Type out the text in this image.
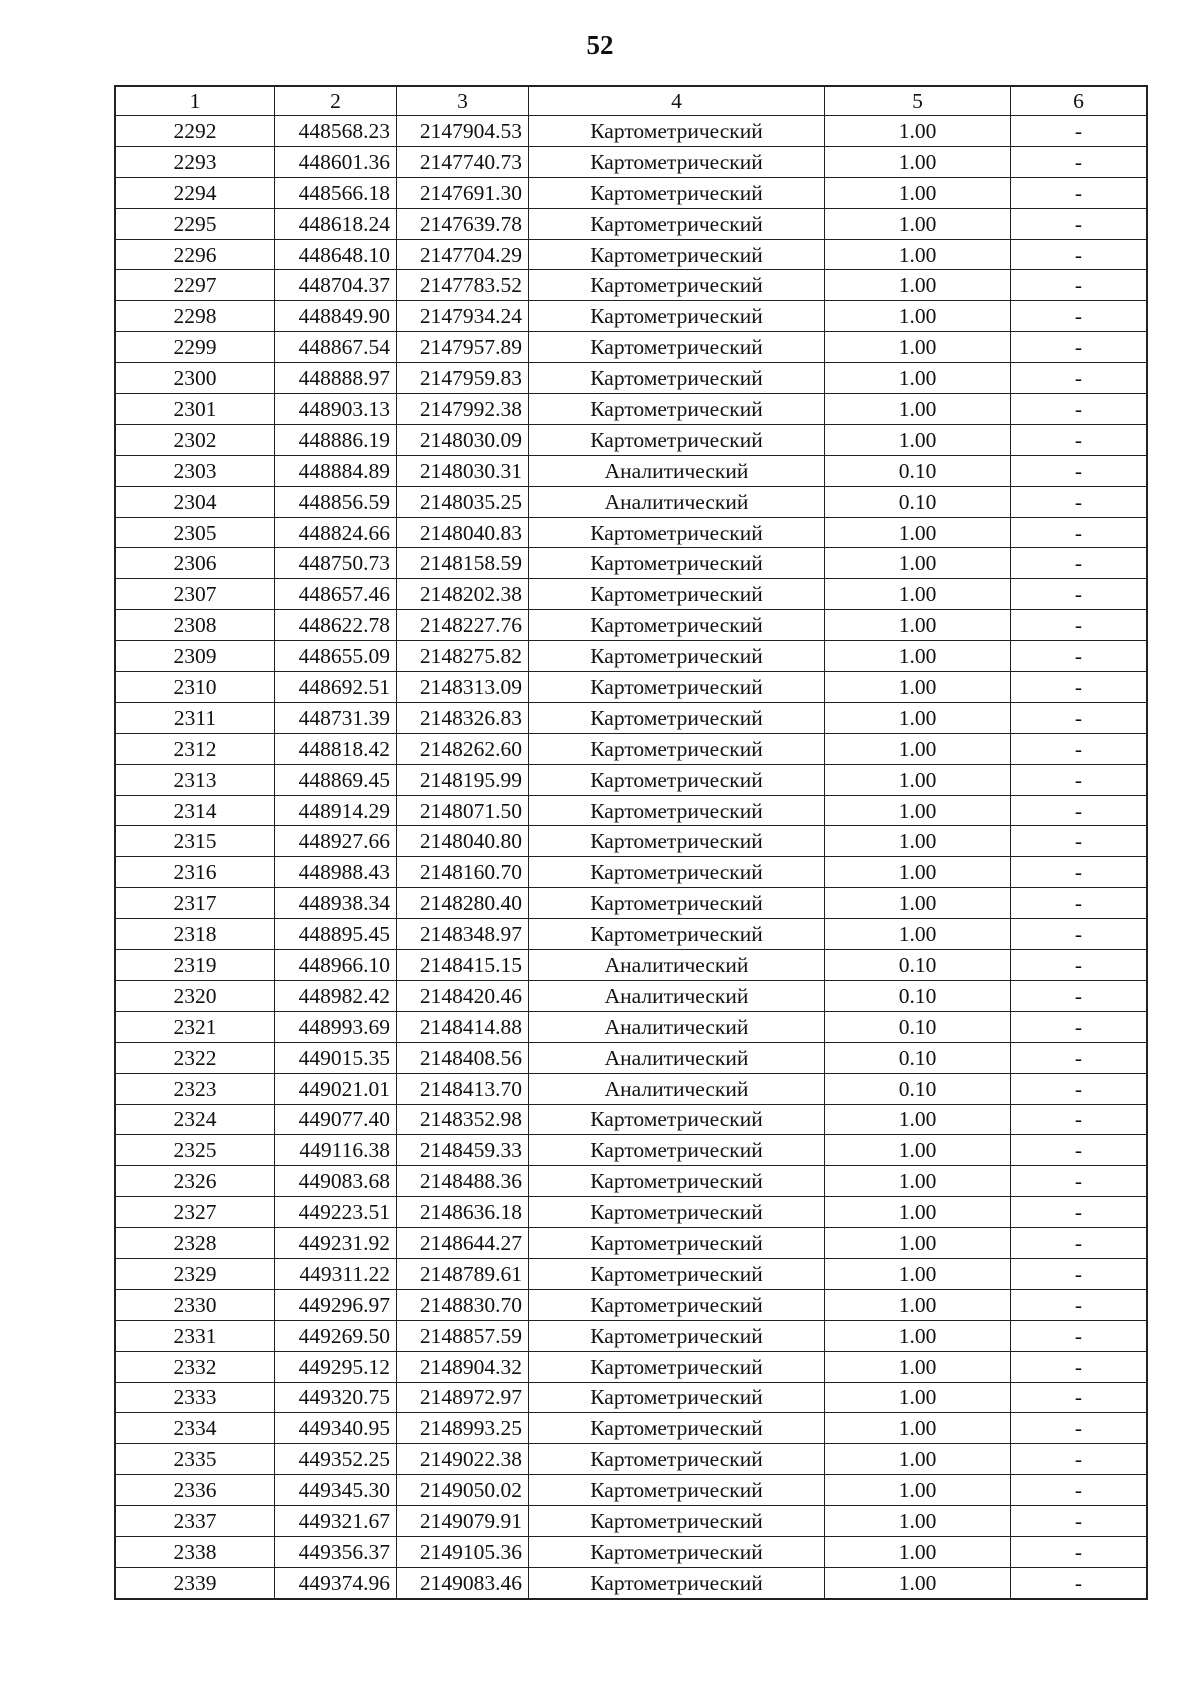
52
1	2	3	4	5	6
2292	448568.23	2147904.53	Картометрический	1.00	-
2293	448601.36	2147740.73	Картометрический	1.00	-
2294	448566.18	2147691.30	Картометрический	1.00	-
2295	448618.24	2147639.78	Картометрический	1.00	-
2296	448648.10	2147704.29	Картометрический	1.00	-
2297	448704.37	2147783.52	Картометрический	1.00	-
2298	448849.90	2147934.24	Картометрический	1.00	-
2299	448867.54	2147957.89	Картометрический	1.00	-
2300	448888.97	2147959.83	Картометрический	1.00	-
2301	448903.13	2147992.38	Картометрический	1.00	-
2302	448886.19	2148030.09	Картометрический	1.00	-
2303	448884.89	2148030.31	Аналитический	0.10	-
2304	448856.59	2148035.25	Аналитический	0.10	-
2305	448824.66	2148040.83	Картометрический	1.00	-
2306	448750.73	2148158.59	Картометрический	1.00	-
2307	448657.46	2148202.38	Картометрический	1.00	-
2308	448622.78	2148227.76	Картометрический	1.00	-
2309	448655.09	2148275.82	Картометрический	1.00	-
2310	448692.51	2148313.09	Картометрический	1.00	-
2311	448731.39	2148326.83	Картометрический	1.00	-
2312	448818.42	2148262.60	Картометрический	1.00	-
2313	448869.45	2148195.99	Картометрический	1.00	-
2314	448914.29	2148071.50	Картометрический	1.00	-
2315	448927.66	2148040.80	Картометрический	1.00	-
2316	448988.43	2148160.70	Картометрический	1.00	-
2317	448938.34	2148280.40	Картометрический	1.00	-
2318	448895.45	2148348.97	Картометрический	1.00	-
2319	448966.10	2148415.15	Аналитический	0.10	-
2320	448982.42	2148420.46	Аналитический	0.10	-
2321	448993.69	2148414.88	Аналитический	0.10	-
2322	449015.35	2148408.56	Аналитический	0.10	-
2323	449021.01	2148413.70	Аналитический	0.10	-
2324	449077.40	2148352.98	Картометрический	1.00	-
2325	449116.38	2148459.33	Картометрический	1.00	-
2326	449083.68	2148488.36	Картометрический	1.00	-
2327	449223.51	2148636.18	Картометрический	1.00	-
2328	449231.92	2148644.27	Картометрический	1.00	-
2329	449311.22	2148789.61	Картометрический	1.00	-
2330	449296.97	2148830.70	Картометрический	1.00	-
2331	449269.50	2148857.59	Картометрический	1.00	-
2332	449295.12	2148904.32	Картометрический	1.00	-
2333	449320.75	2148972.97	Картометрический	1.00	-
2334	449340.95	2148993.25	Картометрический	1.00	-
2335	449352.25	2149022.38	Картометрический	1.00	-
2336	449345.30	2149050.02	Картометрический	1.00	-
2337	449321.67	2149079.91	Картометрический	1.00	-
2338	449356.37	2149105.36	Картометрический	1.00	-
2339	449374.96	2149083.46	Картометрический	1.00	-
